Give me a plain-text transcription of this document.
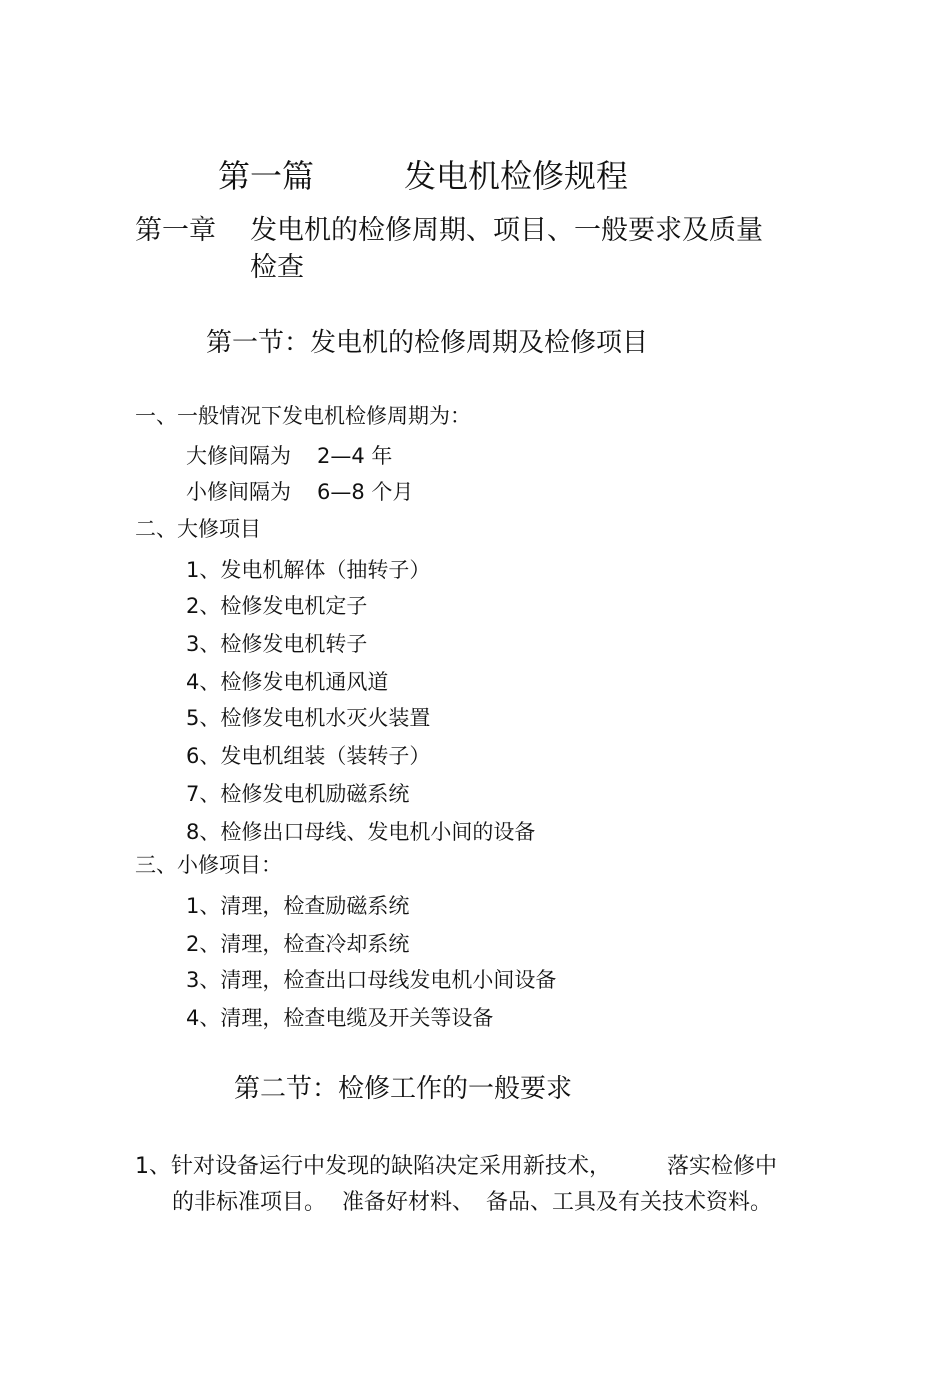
第一篇	发电机检修规程
第一章 发电机的检修周期、项目、一般要求及质量
检查
第一节：发电机的检修周期及检修项目
一、一般情况下发电机检修周期为：
大修间隔为 2—4 年
小修间隔为 6—8 个月
二、大修项目
1、发电机解体（抽转子）
2、检修发电机定子
3、检修发电机转子
4、检修发电机通风道
5、检修发电机水灭火装置
6、发电机组装（装转子）
7、检修发电机励磁系统
8、检修出口母线、发电机小间的设备
三、小修项目：
1、清理，检查励磁系统
2、清理，检查冷却系统
3、清理，检查出口母线发电机小间设备
4、清理，检查电缆及开关等设备
第二节：检修工作的一般要求
1、针对设备运行中发现的缺陷决定采用新技术，	落实检修中
的非标准项目。 准备好材料、 备品、工具及有关技术资料。
